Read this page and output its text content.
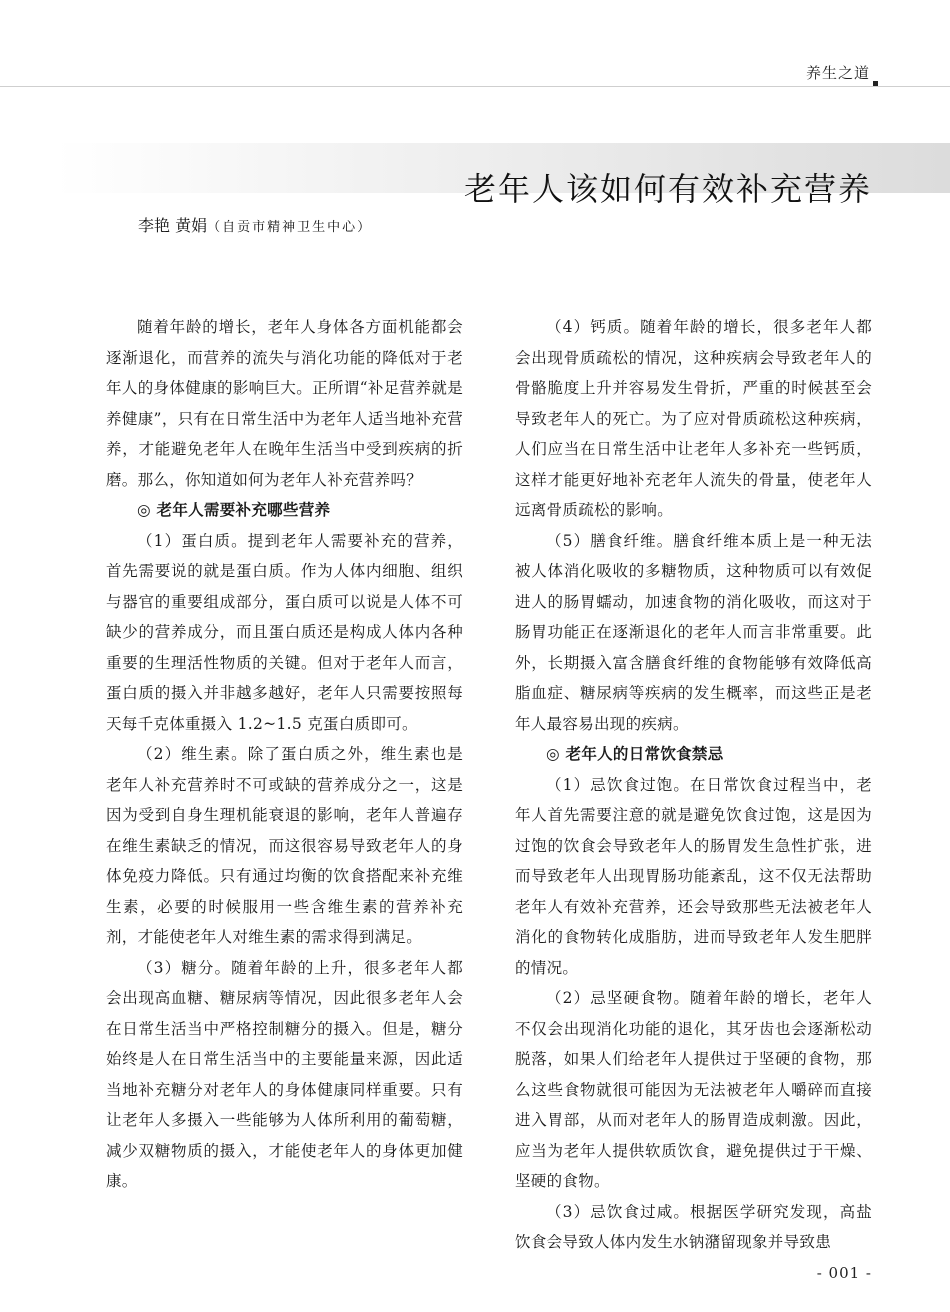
养生之道
老年人该如何有效补充营养
李艳 黄娟（自贡市精神卫生中心）

随着年龄的增长，老年人身体各方面机能都会逐渐退化，而营养的流失与消化功能的降低对于老年人的身体健康的影响巨大。正所谓“补足营养就是养健康”，只有在日常生活中为老年人适当地补充营养，才能避免老年人在晚年生活当中受到疾病的折磨。那么，你知道如何为老年人补充营养吗？

◎ 老年人需要补充哪些营养

（1）蛋白质。提到老年人需要补充的营养，首先需要说的就是蛋白质。作为人体内细胞、组织与器官的重要组成部分，蛋白质可以说是人体不可缺少的营养成分，而且蛋白质还是构成人体内各种重要的生理活性物质的关键。但对于老年人而言，蛋白质的摄入并非越多越好，老年人只需要按照每天每千克体重摄入 1.2~1.5 克蛋白质即可。

（2）维生素。除了蛋白质之外，维生素也是老年人补充营养时不可或缺的营养成分之一，这是因为受到自身生理机能衰退的影响，老年人普遍存在维生素缺乏的情况，而这很容易导致老年人的身体免疫力降低。只有通过均衡的饮食搭配来补充维生素，必要的时候服用一些含维生素的营养补充剂，才能使老年人对维生素的需求得到满足。

（3）糖分。随着年龄的上升，很多老年人都会出现高血糖、糖尿病等情况，因此很多老年人会在日常生活当中严格控制糖分的摄入。但是，糖分始终是人在日常生活当中的主要能量来源，因此适当地补充糖分对老年人的身体健康同样重要。只有让老年人多摄入一些能够为人体所利用的葡萄糖，减少双糖物质的摄入，才能使老年人的身体更加健康。

（4）钙质。随着年龄的增长，很多老年人都会出现骨质疏松的情况，这种疾病会导致老年人的骨骼脆度上升并容易发生骨折，严重的时候甚至会导致老年人的死亡。为了应对骨质疏松这种疾病，人们应当在日常生活中让老年人多补充一些钙质，这样才能更好地补充老年人流失的骨量，使老年人远离骨质疏松的影响。

（5）膳食纤维。膳食纤维本质上是一种无法被人体消化吸收的多糖物质，这种物质可以有效促进人的肠胃蠕动，加速食物的消化吸收，而这对于肠胃功能正在逐渐退化的老年人而言非常重要。此外，长期摄入富含膳食纤维的食物能够有效降低高脂血症、糖尿病等疾病的发生概率，而这些正是老年人最容易出现的疾病。

◎ 老年人的日常饮食禁忌

（1）忌饮食过饱。在日常饮食过程当中，老年人首先需要注意的就是避免饮食过饱，这是因为过饱的饮食会导致老年人的肠胃发生急性扩张，进而导致老年人出现胃肠功能紊乱，这不仅无法帮助老年人有效补充营养，还会导致那些无法被老年人消化的食物转化成脂肪，进而导致老年人发生肥胖的情况。

（2）忌坚硬食物。随着年龄的增长，老年人不仅会出现消化功能的退化，其牙齿也会逐渐松动脱落，如果人们给老年人提供过于坚硬的食物，那么这些食物就很可能因为无法被老年人嚼碎而直接进入胃部，从而对老年人的肠胃造成刺激。因此，应当为老年人提供软质饮食，避免提供过于干燥、坚硬的食物。

（3）忌饮食过咸。根据医学研究发现，高盐饮食会导致人体内发生水钠潴留现象并导致患

- 001 -
